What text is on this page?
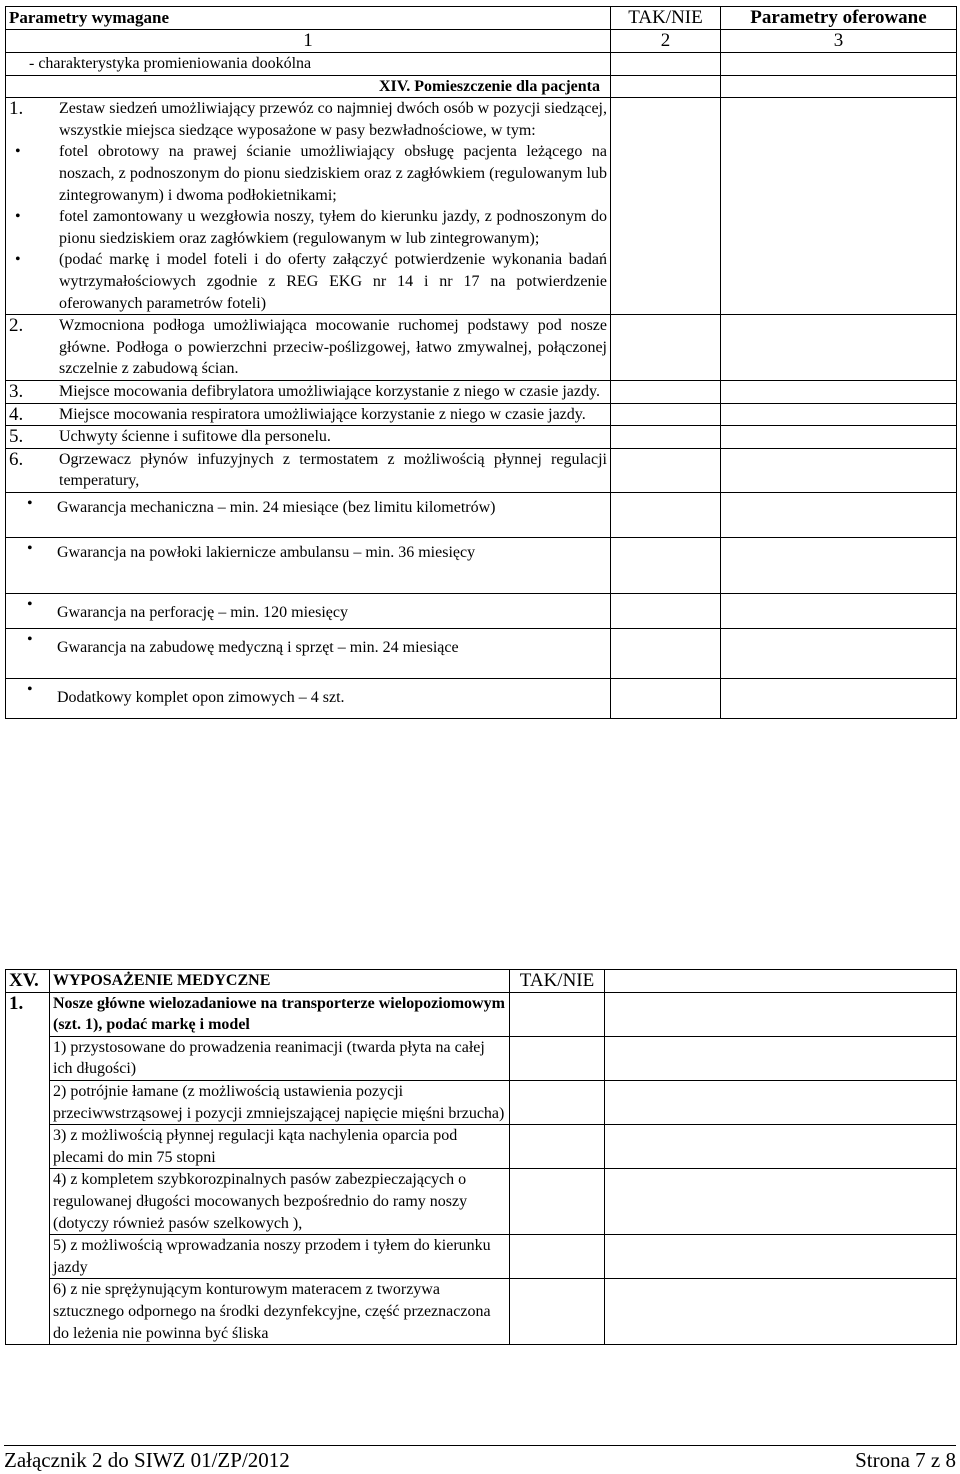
Parametry wymagane	TAK/NIE	Parametry oferowane
1	2	3
- charakterystyka promieniowania dookólna		
XIV. Pomieszczenie dla pacjenta		

1. Zestaw siedzeń umożliwiający przewóz co najmniej dwóch osób w pozycji siedzącej, wszystkie miejsca siedzące wyposażone w pasy bezwładnościowe, w tym:
• fotel obrotowy na prawej ścianie umożliwiający obsługę pacjenta leżącego na noszach, z podnoszonym do pionu siedziskiem oraz z zagłówkiem (regulowanym lub zintegrowanym) i dwoma podłokietnikami;
• fotel zamontowany u wezgłowia noszy, tyłem do kierunku jazdy, z podnoszonym do pionu siedziskiem oraz zagłówkiem (regulowanym w lub zintegrowanym);
• (podać markę i model foteli i do oferty załączyć potwierdzenie wykonania badań wytrzymałościowych zgodnie z REG EKG nr 14 i nr 17 na potwierdzenie oferowanych parametrów foteli)

2. Wzmocniona podłoga umożliwiająca mocowanie ruchomej podstawy pod nosze główne. Podłoga o powierzchni przeciw-poślizgowej, łatwo zmywalnej, połączonej szczelnie z zabudową ścian.		

3. Miejsce mocowania defibrylatora umożliwiające korzystanie z niego w czasie jazdy.		

4. Miejsce mocowania respiratora umożliwiające korzystanie z niego w czasie jazdy.		

5. Uchwyty ścienne i sufitowe dla personelu.		

6. Ogrzewacz płynów infuzyjnych z termostatem z możliwością płynnej regulacji temperatury,		

• Gwarancja mechaniczna – min. 24 miesiące (bez limitu kilometrów)

• Gwarancja na powłoki lakiernicze ambulansu – min. 36 miesięcy

• Gwarancja na perforację – min. 120 miesięcy

• Gwarancja na zabudowę medyczną i sprzęt – min. 24 miesiące

• Dodatkowy komplet opon zimowych – 4 szt.

XV.	WYPOSAŻENIE MEDYCZNE	TAK/NIE	
1.	Nosze główne wielozadaniowe na transporterze wielopoziomowym (szt. 1), podać markę i model		
	1) przystosowane do prowadzenia reanimacji (twarda płyta na całej ich długości)		
	2) potrójnie łamane (z możliwością ustawienia pozycji przeciwwstrząsowej i pozycji zmniejszającej napięcie mięśni brzucha)		
	3) z możliwością płynnej regulacji kąta nachylenia oparcia pod plecami do min 75 stopni		
	4) z kompletem szybkorozpinalnych pasów zabezpieczających o regulowanej długości mocowanych bezpośrednio do ramy noszy (dotyczy również pasów szelkowych ),		
	5) z możliwością wprowadzania noszy przodem i tyłem do kierunku jazdy		
	6) z nie sprężynującym konturowym materacem z tworzywa sztucznego odpornego na środki dezynfekcyjne, część przeznaczona do leżenia nie powinna być śliska		
Załącznik 2 do SIWZ 01/ZP/2012	Strona 7 z 8
